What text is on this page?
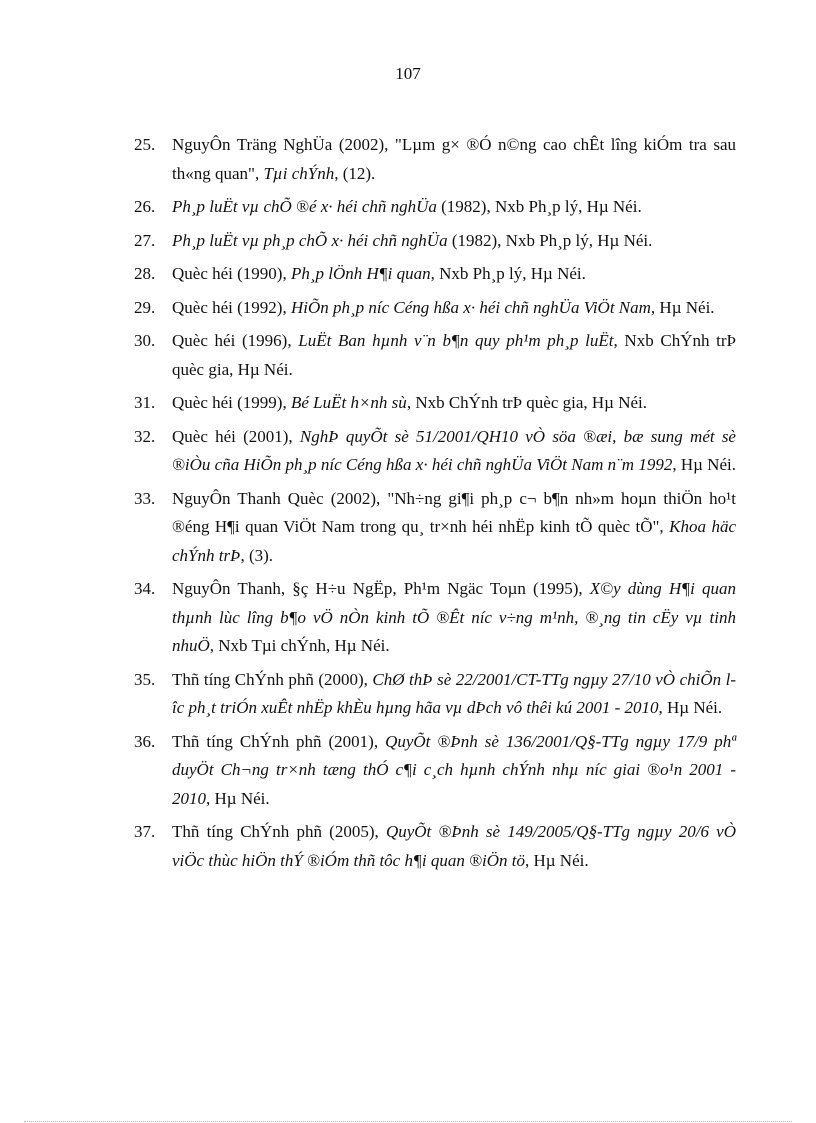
107
25. NguyÔn Träng NghÜa (2002), "Lµm g× ®Ó n©ng cao chÊt lîng kiÓm tra sau th«ng quan", Tµi chÝnh, (12).
26. Ph¸p luËt vµ chÕ ®é x· héi chñ nghÜa (1982), Nxb Ph¸p lý, Hµ Néi.
27. Ph¸p luËt vµ ph¸p chÕ x· héi chñ nghÜa (1982), Nxb Ph¸p lý, Hµ Néi.
28. Quèc héi (1990), Ph¸p lÖnh H¶i quan, Nxb Ph¸p lý, Hµ Néi.
29. Quèc héi (1992), HiÕn ph¸p níc Céng hßa x· héi chñ nghÜa ViÖt Nam, Hµ Néi.
30. Quèc héi (1996), LuËt Ban hµnh v¨n b¶n quy ph¹m ph¸p luËt, Nxb ChÝnh trÞ quèc gia, Hµ Néi.
31. Quèc héi (1999), Bé LuËt h×nh sù, Nxb ChÝnh trÞ quèc gia, Hµ Néi.
32. Quèc héi (2001), NghÞ quyÕt sè 51/2001/QH10 vÒ söa ®æi, bæ sung mét sè ®iÒu cña HiÕn ph¸p níc Céng hßa x· héi chñ nghÜa ViÖt Nam n¨m 1992, Hµ Néi.
33. NguyÔn Thanh Quèc (2002), "Nh÷ng gi¶i ph¸p c¬ b¶n nh»m hoµn thiÖn ho¹t ®éng H¶i quan ViÖt Nam trong qu¸ tr×nh héi nhËp kinh tÕ quèc tÕ", Khoa häc chÝnh trÞ, (3).
34. NguyÔn Thanh, §ç H÷u NgËp, Ph¹m Ngäc Toµn (1995), X©y dùng H¶i quan thµnh lùc lîng b¶o vÖ nÒn kinh tÕ ®Êt níc v÷ng m¹nh, ®¸ng tin cËy vµ tinh nhuÖ, Nxb Tµi chÝnh, Hµ Néi.
35. Thñ tíng ChÝnh phñ (2000), ChØ thÞ sè 22/2001/CT-TTg ngµy 27/10 vÒ chiÕn lîc ph¸t triÓn xuÊt nhËp khÈu hµng hãa vµ dÞch vô thêi kú 2001 - 2010, Hµ Néi.
36. Thñ tíng ChÝnh phñ (2001), QuyÕt ®Þnh sè 136/2001/Q§-TTg ngµy 17/9 phª duyÖt Ch¬ng tr×nh tæng thÓ c¶i c¸ch hµnh chÝnh nhµ níc giai ®o¹n 2001 - 2010, Hµ Néi.
37. Thñ tíng ChÝnh phñ (2005), QuyÕt ®Þnh sè 149/2005/Q§-TTg ngµy 20/6 vÒ viÖc thùc hiÖn thÝ ®iÓm thñ tôc h¶i quan ®iÖn tö, Hµ Néi.
